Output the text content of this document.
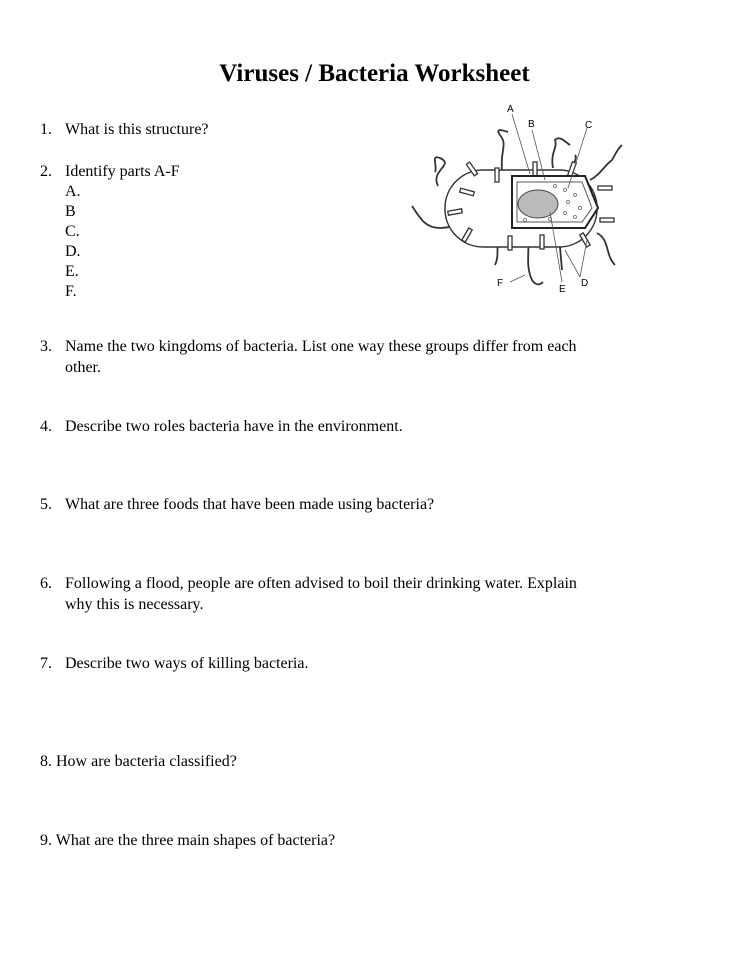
Viruses / Bacteria Worksheet
1. What is this structure?
2. Identify parts A-F
A.
B
C.
D.
E.
F.
3. Name the two kingdoms of bacteria. List one way these groups differ from each
other.
4. Describe two roles bacteria have in the environment.
5. What are three foods that have been made using bacteria?
6. Following a flood, people are often advised to boil their drinking water. Explain
why this is necessary.
7. Describe two ways of killing bacteria.
8. How are bacteria classified?
9. What are the three main shapes of bacteria?
A
B	C
D
E
F
